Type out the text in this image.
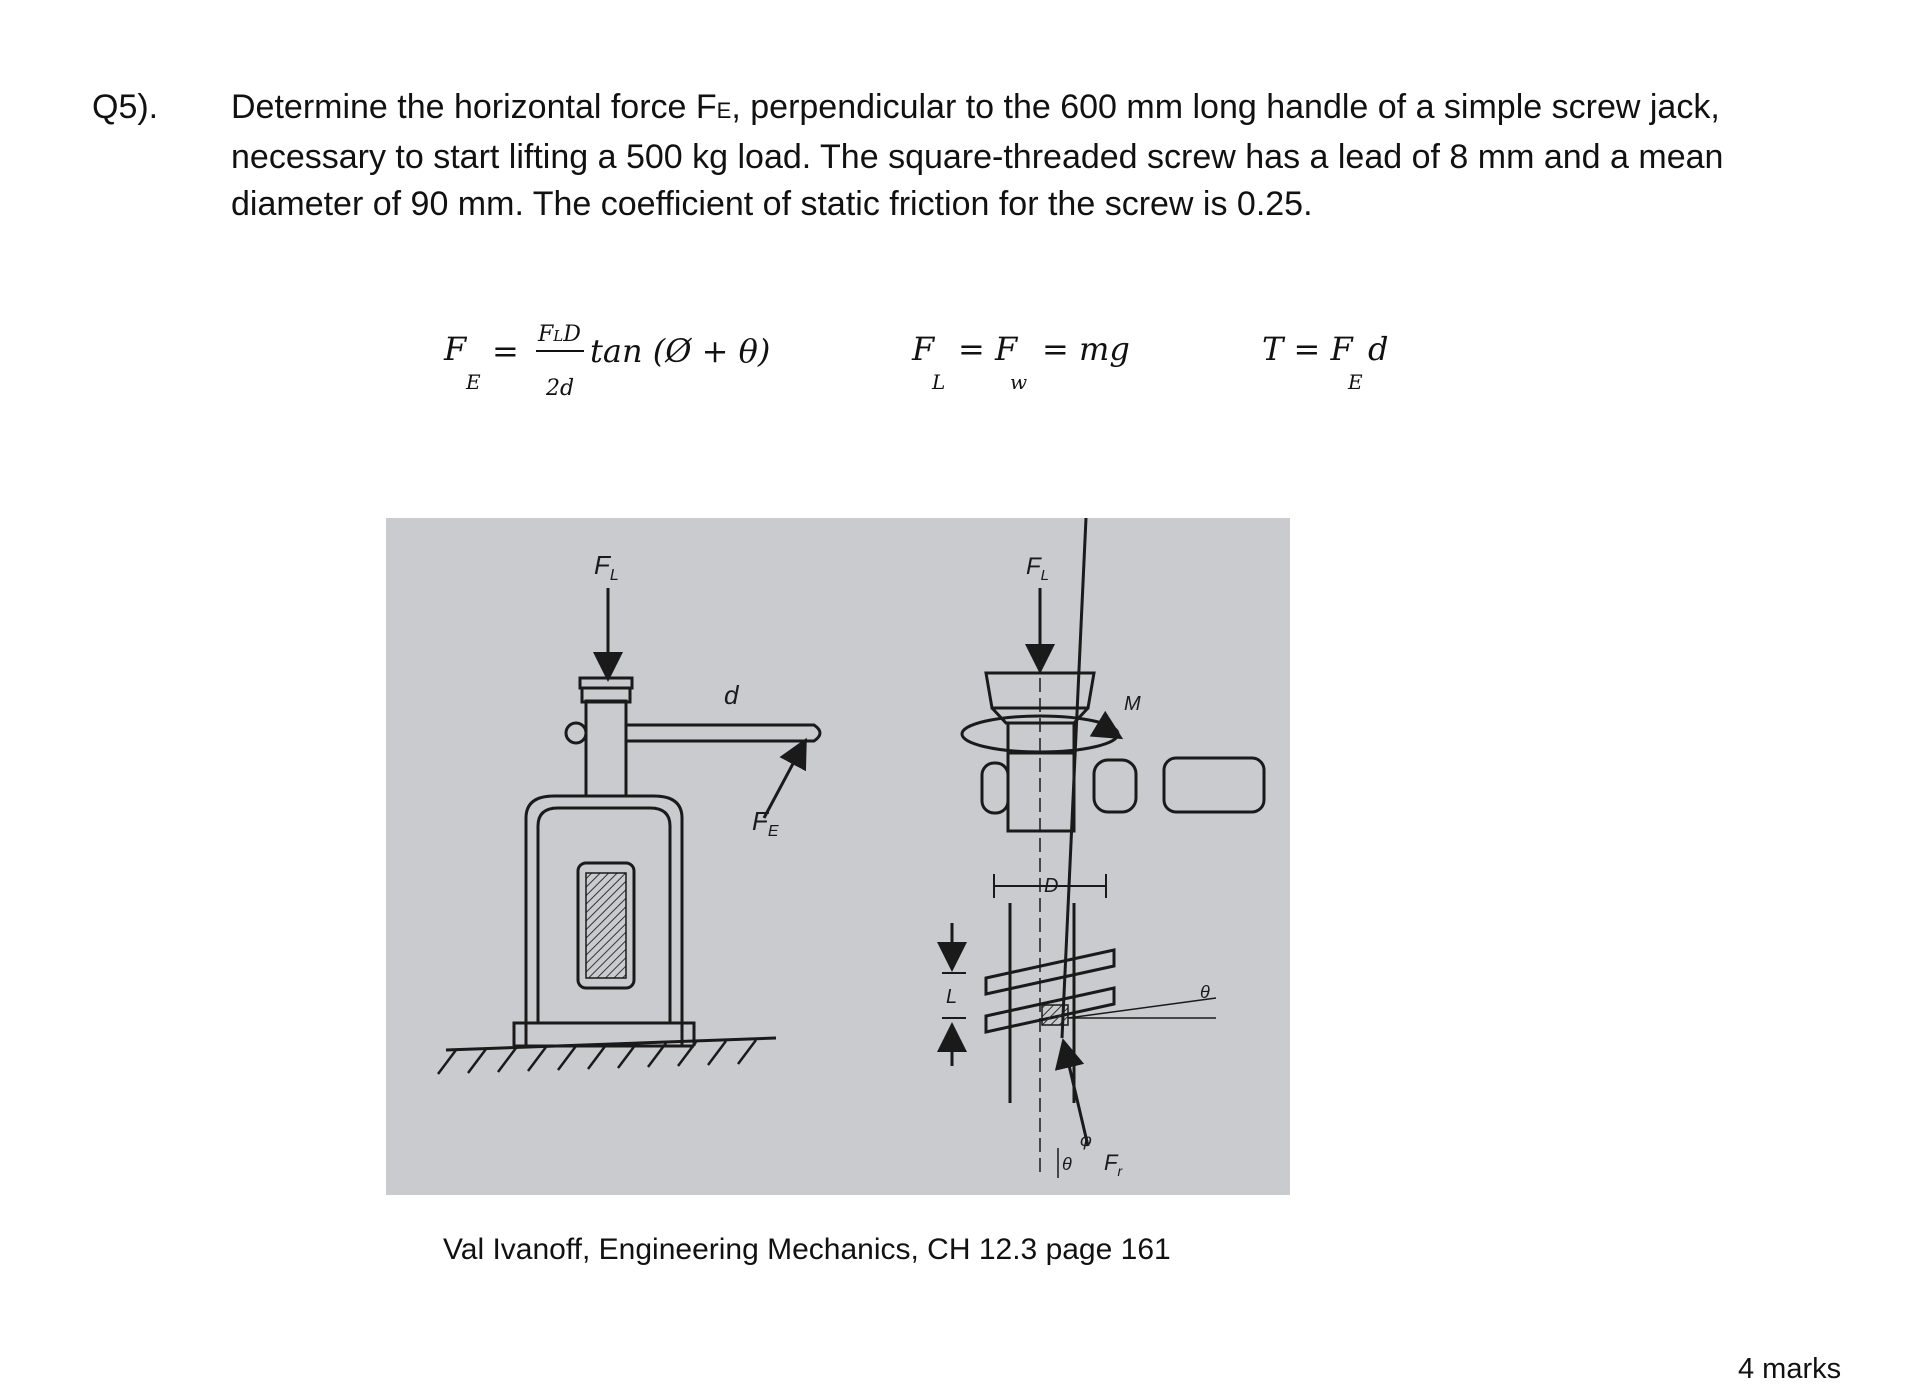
Q5). Determine the horizontal force FE, perpendicular to the 600 mm long handle of a simple screw jack,
necessary to start lifting a 500 kg load. The square-threaded screw has a lead of 8 mm and a mean
diameter of 90 mm. The coefficient of static friction for the screw is 0.25.
F
E
= FLD
2d
tan (Ø + θ)	F
L
= F
w
= mg	T = F
E
d
$F_L$
d
$F_E$
$F_L$
M
D
L	θ
φ
θ $F_r$
Val Ivanoff, Engineering Mechanics, CH 12.3 page 161
4 marks
